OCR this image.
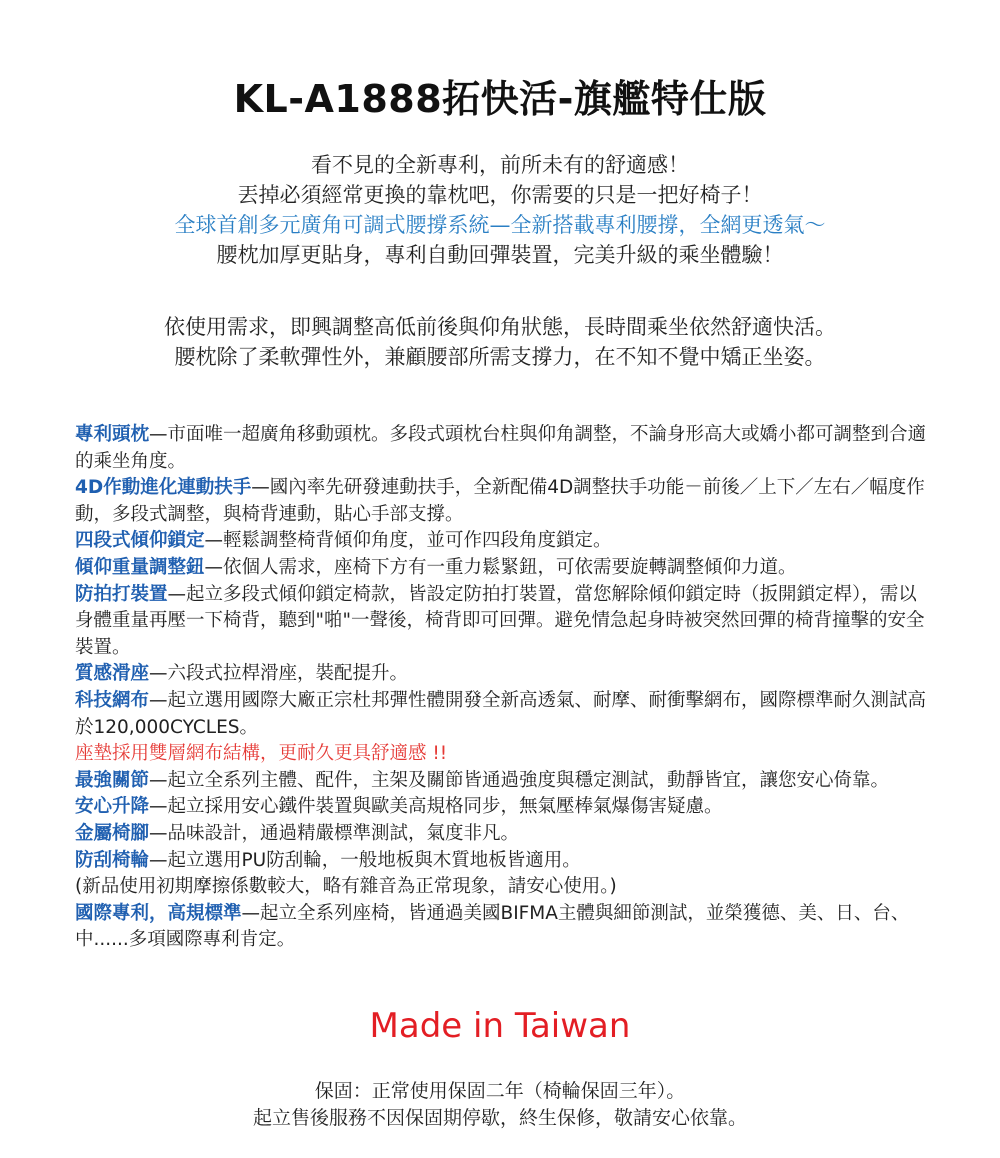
KL-A1888拓快活-旗艦特仕版
看不見的全新專利，前所未有的舒適感！
丟掉必須經常更換的靠枕吧，你需要的只是一把好椅子！
全球首創多元廣角可調式腰撐系統—全新搭載專利腰撐，全網更透氣～
腰枕加厚更貼身，專利自動回彈裝置，完美升級的乘坐體驗！
依使用需求，即興調整高低前後與仰角狀態，長時間乘坐依然舒適快活。
腰枕除了柔軟彈性外，兼顧腰部所需支撐力，在不知不覺中矯正坐姿。

專利頭枕—市面唯一超廣角移動頭枕。多段式頭枕台柱與仰角調整，不論身形高大或嬌小都可調整到合適的乘坐角度。

4D作動進化連動扶手—國內率先研發連動扶手，全新配備4D調整扶手功能－前後／上下／左右／幅度作動，多段式調整，與椅背連動，貼心手部支撐。

四段式傾仰鎖定—輕鬆調整椅背傾仰角度，並可作四段角度鎖定。

傾仰重量調整鈕—依個人需求，座椅下方有一重力鬆緊鈕，可依需要旋轉調整傾仰力道。

防拍打裝置—起立多段式傾仰鎖定椅款，皆設定防拍打裝置，當您解除傾仰鎖定時（扳開鎖定桿），需以身體重量再壓一下椅背，聽到"啪"一聲後，椅背即可回彈。避免情急起身時被突然回彈的椅背撞擊的安全裝置。

質感滑座—六段式拉桿滑座，裝配提升。

科技網布—起立選用國際大廠正宗杜邦彈性體開發全新高透氣、耐摩、耐衝擊網布，國際標準耐久測試高於120,000CYCLES。

座墊採用雙層網布結構，更耐久更具舒適感 !!

最強關節—起立全系列主體、配件，主架及關節皆通過強度與穩定測試，動靜皆宜，讓您安心倚靠。

安心升降—起立採用安心鐵件裝置與歐美高規格同步，無氣壓棒氣爆傷害疑慮。

金屬椅腳—品味設計，通過精嚴標準測試，氣度非凡。

防刮椅輪—起立選用PU防刮輪，一般地板與木質地板皆適用。

(新品使用初期摩擦係數較大，略有雜音為正常現象，請安心使用。)

國際專利，高規標準—起立全系列座椅，皆通過美國BIFMA主體與細節測試，並榮獲德、美、日、台、中......多項國際專利肯定。

Made in Taiwan
保固：正常使用保固二年（椅輪保固三年）。
起立售後服務不因保固期停歇，終生保修，敬請安心依靠。
